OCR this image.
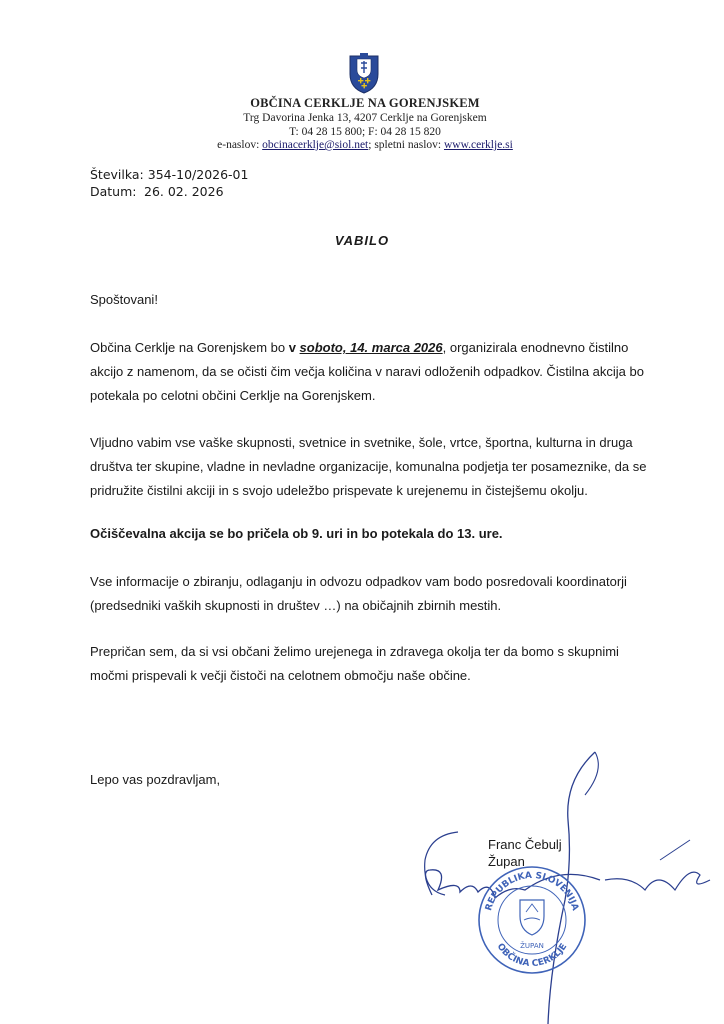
OBČINA CERKLJE NA GORENJSKEM
Trg Davorina Jenka 13, 4207 Cerklje na Gorenjskem
T: 04 28 15 800; F: 04 28 15 820
e-naslov: obcinacerklje@siol.net; spletni naslov: www.cerklje.si
Številka: 354-10/2026-01
Datum: 26. 02. 2026
VABILO
Spoštovani!
Občina Cerklje na Gorenjskem bo v soboto, 14. marca 2026, organizirala enodnevno čistilno akcijo z namenom, da se očisti čim večja količina v naravi odloženih odpadkov. Čistilna akcija bo potekala po celotni občini Cerklje na Gorenjskem.
Vljudno vabim vse vaške skupnosti, svetnice in svetnike, šole, vrtce, športna, kulturna in druga društva ter skupine, vladne in nevladne organizacije, komunalna podjetja ter posameznike, da se pridružite čistilni akciji in s svojo udeležbo prispevate k urejenemu in čistejšemu okolju.
Očiščevalna akcija se bo pričela ob 9. uri in bo potekala do 13. ure.
Vse informacije o zbiranju, odlaganju in odvozu odpadkov vam bodo posredovali koordinatorji (predsedniki vaških skupnosti in društev …) na običajnih zbirnih mestih.
Prepričan sem, da si vsi občani želimo urejenega in zdravega okolja ter da bomo s skupnimi močmi prispevali k večji čistoči na celotnem območju naše občine.
Lepo vas pozdravljam,
Franc Čebulj
Župan
REPUBLIKA SLOVENIJA
OBČINA CERKLJE
ŽUPAN
